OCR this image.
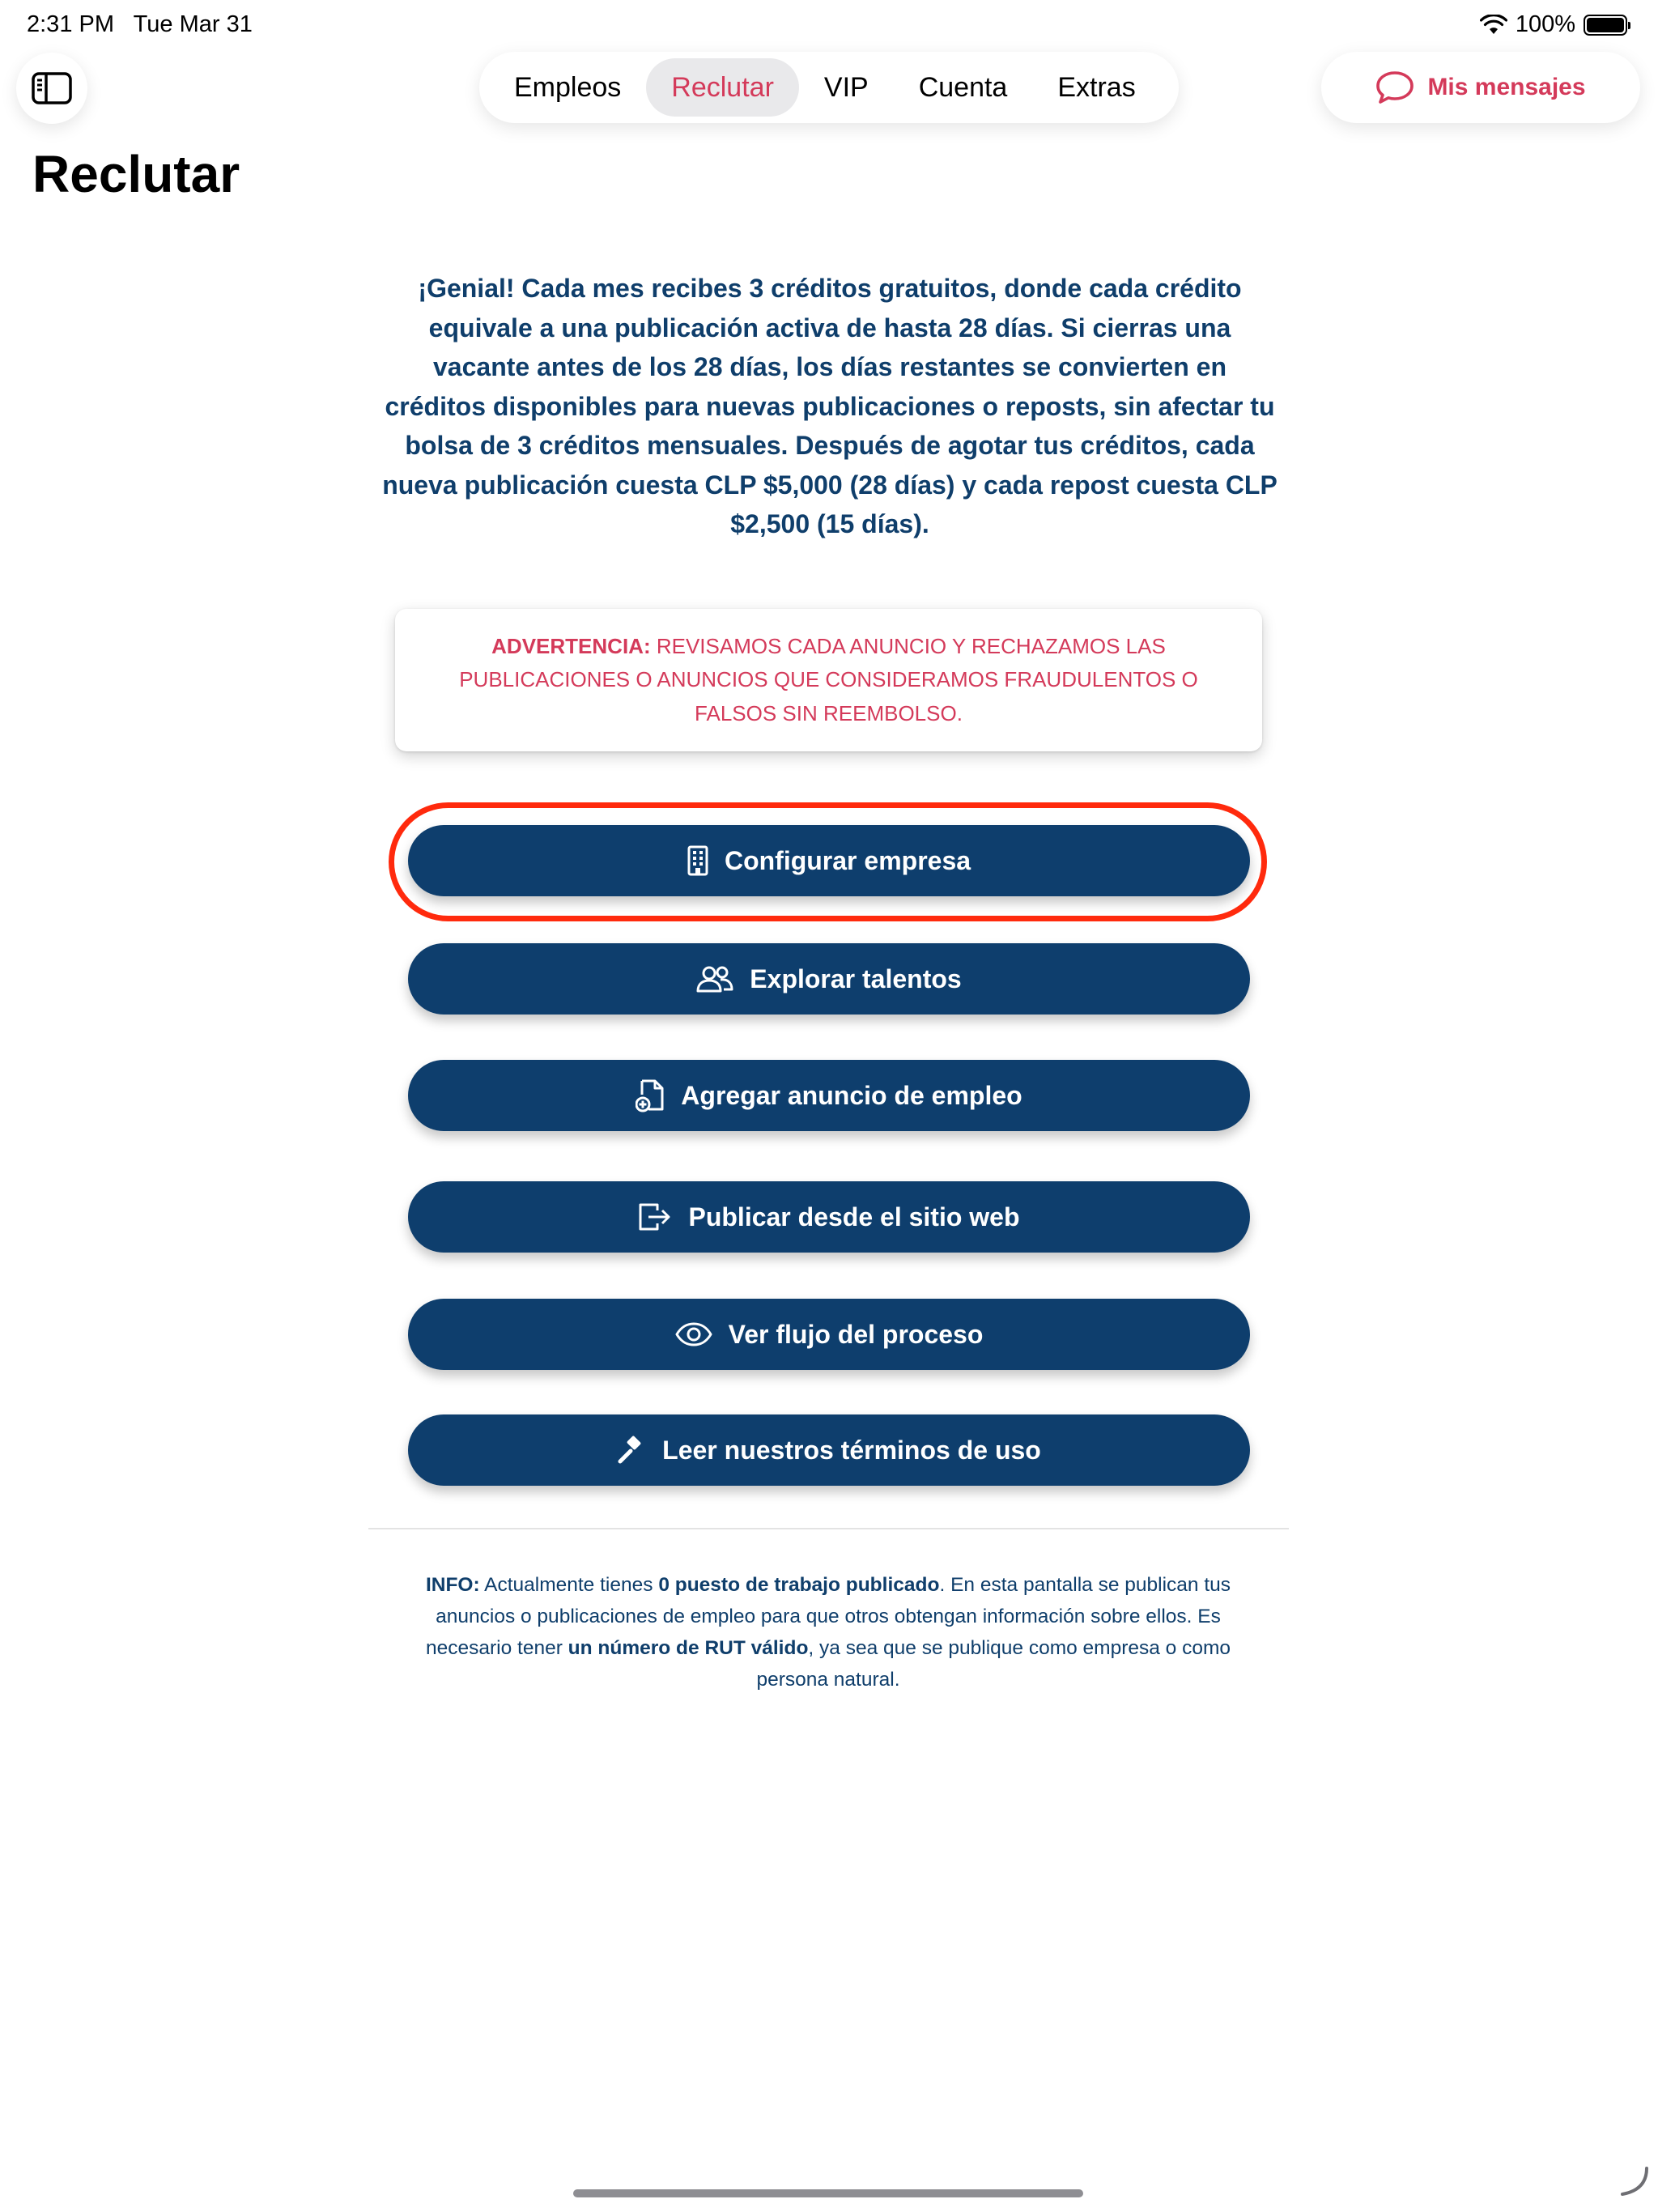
2:31 PM   Tue Mar 31	100%
Empleos	Reclutar	VIP	Cuenta	Extras	Mis mensajes
Reclutar
¡Genial! Cada mes recibes 3 créditos gratuitos, donde cada crédito equivale a una publicación activa de hasta 28 días. Si cierras una vacante antes de los 28 días, los días restantes se convierten en créditos disponibles para nuevas publicaciones o reposts, sin afectar tu bolsa de 3 créditos mensuales. Después de agotar tus créditos, cada nueva publicación cuesta CLP $5,000 (28 días) y cada repost cuesta CLP $2,500 (15 días).
ADVERTENCIA: REVISAMOS CADA ANUNCIO Y RECHAZAMOS LAS PUBLICACIONES O ANUNCIOS QUE CONSIDERAMOS FRAUDULENTOS O FALSOS SIN REEMBOLSO.
Configurar empresa
Explorar talentos
Agregar anuncio de empleo
Publicar desde el sitio web
Ver flujo del proceso
Leer nuestros términos de uso
INFO: Actualmente tienes 0 puesto de trabajo publicado. En esta pantalla se publican tus anuncios o publicaciones de empleo para que otros obtengan información sobre ellos. Es necesario tener un número de RUT válido, ya sea que se publique como empresa o como persona natural.
